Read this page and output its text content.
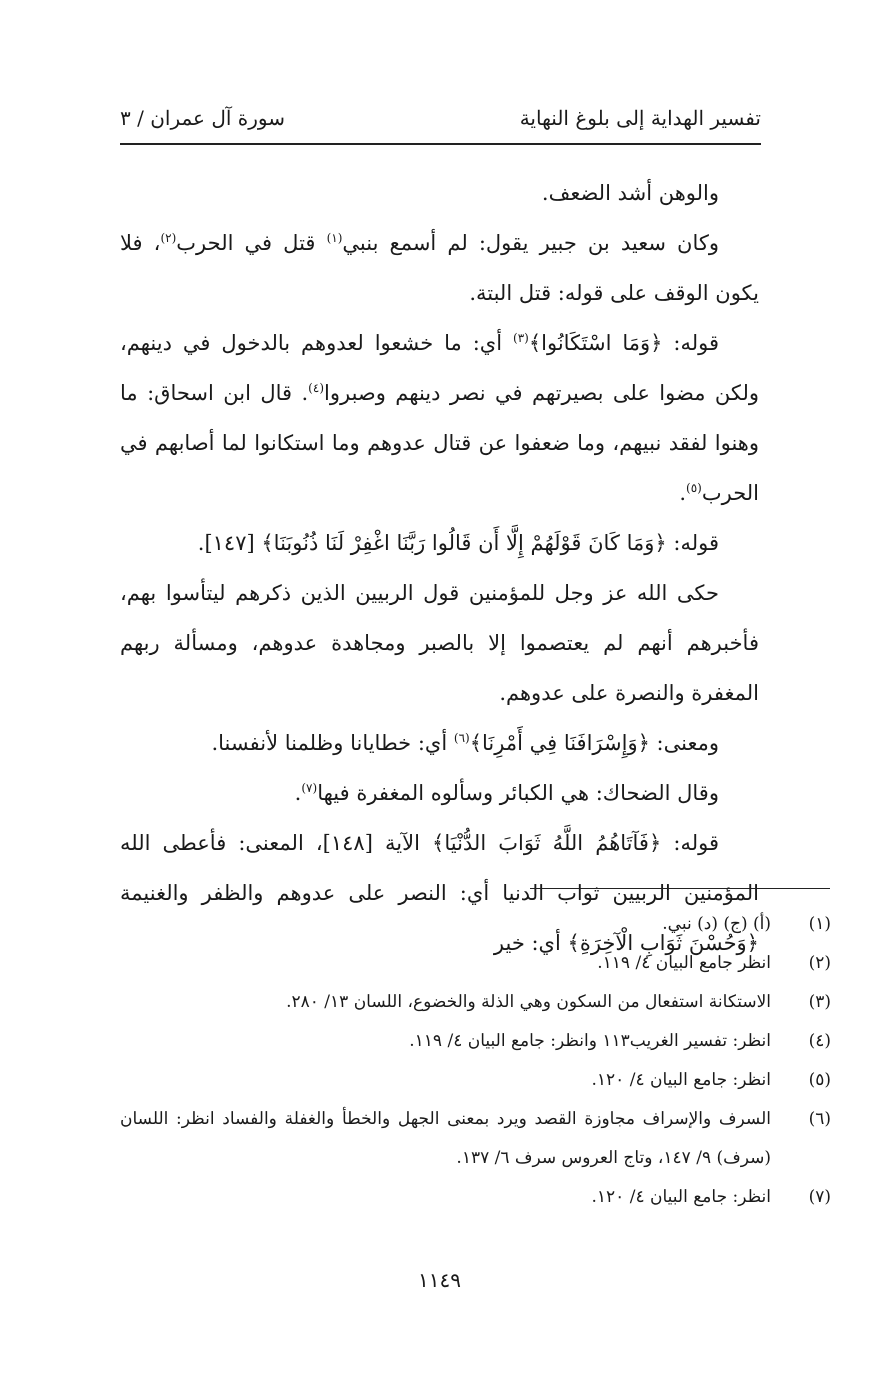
تفسير الهداية إلى بلوغ النهاية
سورة آل عمران / ٣

والوهن أشد الضعف.

وكان سعيد بن جبير يقول: لم أسمع بنبي$^{(١)}$ قتل في الحرب$^{(٢)}$، فلا يكون الوقف على قوله: قتل البتة.

قوله: ﴿وَمَا اسْتَكَانُوا﴾$^{(٣)}$ أي: ما خشعوا لعدوهم بالدخول في دينهم، ولكن مضوا على بصيرتهم في نصر دينهم وصبروا$^{(٤)}$. قال ابن اسحاق: ما وهنوا لفقد نبيهم، وما ضعفوا عن قتال عدوهم وما استكانوا لما أصابهم في الحرب$^{(٥)}$.

قوله: ﴿وَمَا كَانَ قَوْلَهُمْ إِلَّا أَن قَالُوا رَبَّنَا اغْفِرْ لَنَا ذُنُوبَنَا﴾ [١٤٧].

حكى الله عز وجل للمؤمنين قول الربيين الذين ذكرهم ليتأسوا بهم، فأخبرهم أنهم لم يعتصموا إلا بالصبر ومجاهدة عدوهم، ومسألة ربهم المغفرة والنصرة على عدوهم.

ومعنى: ﴿وَإِسْرَافَنَا فِي أَمْرِنَا﴾$^{(٦)}$ أي: خطايانا وظلمنا لأنفسنا.

وقال الضحاك: هي الكبائر وسألوه المغفرة فيها$^{(٧)}$.

قوله: ﴿فَآتَاهُمُ اللَّهُ ثَوَابَ الدُّنْيَا﴾ الآية [١٤٨]، المعنى: فأعطى الله المؤمنين الربيين ثواب الدنيا أي: النصر على عدوهم والظفر والغنيمة ﴿وَحُسْنَ ثَوَابِ الْآخِرَةِ﴾ أي: خير

(١)
(أ) (ج) (د) نبي.
(٢)
انظر جامع البيان ٤/ ١١٩.
(٣)
الاستكانة استفعال من السكون وهي الذلة والخضوع، اللسان ١٣/ ٢٨٠.
(٤)
انظر: تفسير الغريب١١٣ وانظر: جامع البيان ٤/ ١١٩.
(٥)
انظر: جامع البيان ٤/ ١٢٠.
(٦)
السرف والإسراف مجاوزة القصد ويرد بمعنى الجهل والخطأ والغفلة والفساد انظر: اللسان (سرف) ٩/ ١٤٧، وتاج العروس سرف ٦/ ١٣٧.
(٧)
انظر: جامع البيان ٤/ ١٢٠.
١١٤٩
